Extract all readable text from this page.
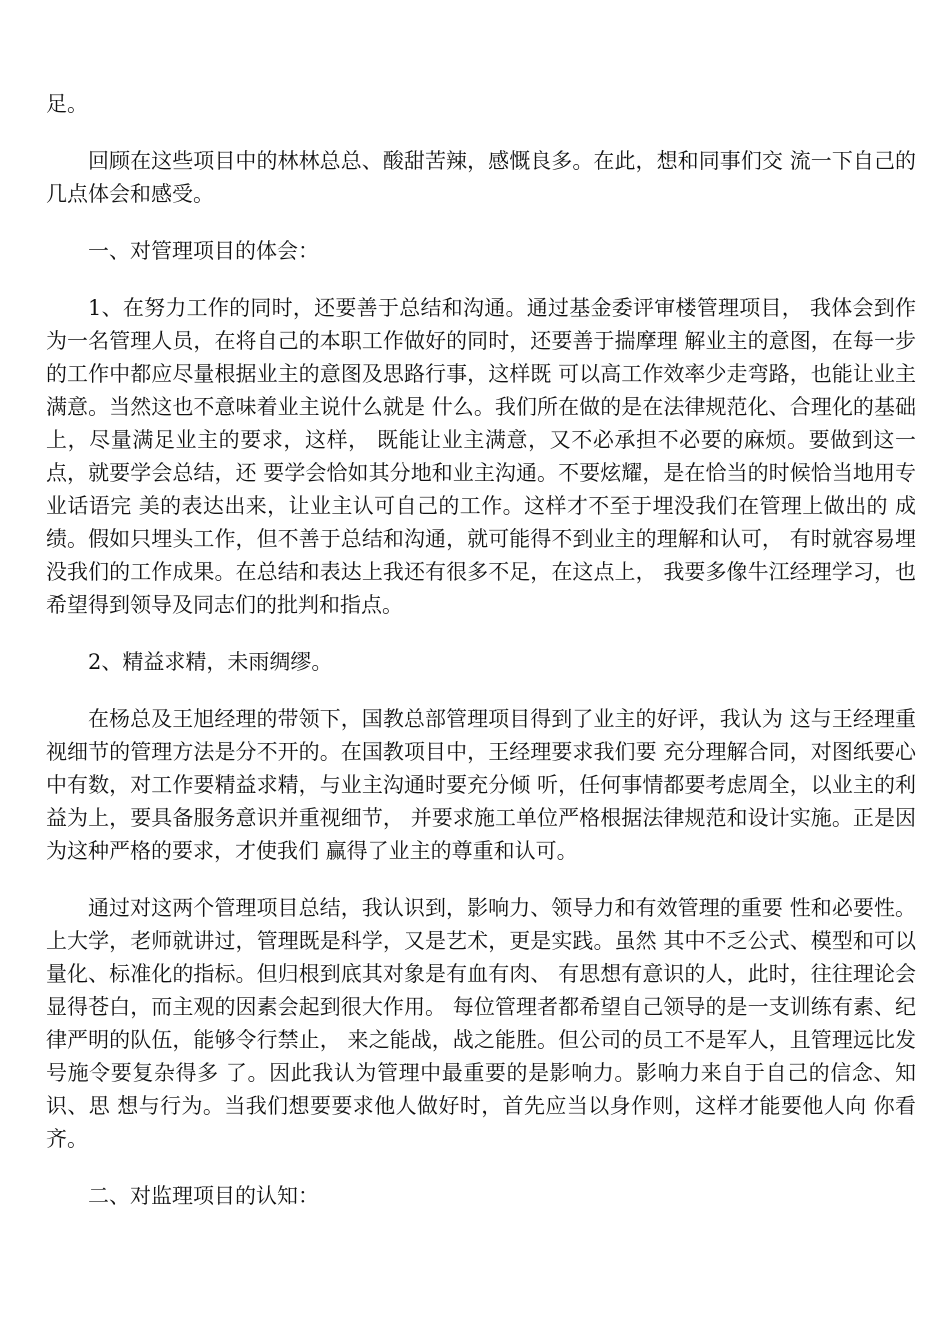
足。

回顾在这些项目中的林林总总、酸甜苦辣，感慨良多。在此，想和同事们交 流一下自己的几点体会和感受。

一、对管理项目的体会：

1、在努力工作的同时，还要善于总结和沟通。通过基金委评审楼管理项目， 我体会到作为一名管理人员，在将自己的本职工作做好的同时，还要善于揣摩理 解业主的意图，在每一步的工作中都应尽量根据业主的意图及思路行事，这样既 可以高工作效率少走弯路，也能让业主满意。当然这也不意味着业主说什么就是 什么。我们所在做的是在法律规范化、合理化的基础上，尽量满足业主的要求，这样， 既能让业主满意，又不必承担不必要的麻烦。要做到这一点，就要学会总结，还 要学会恰如其分地和业主沟通。不要炫耀，是在恰当的时候恰当地用专业话语完 美的表达出来，让业主认可自己的工作。这样才不至于埋没我们在管理上做出的 成绩。假如只埋头工作，但不善于总结和沟通，就可能得不到业主的理解和认可， 有时就容易埋没我们的工作成果。在总结和表达上我还有很多不足，在这点上， 我要多像牛江经理学习，也希望得到领导及同志们的批判和指点。

2、精益求精，未雨绸缪。

在杨总及王旭经理的带领下，国教总部管理项目得到了业主的好评，我认为 这与王经理重视细节的管理方法是分不开的。在国教项目中，王经理要求我们要 充分理解合同，对图纸要心中有数，对工作要精益求精，与业主沟通时要充分倾 听，任何事情都要考虑周全，以业主的利益为上，要具备服务意识并重视细节， 并要求施工单位严格根据法律规范和设计实施。正是因为这种严格的要求，才使我们 赢得了业主的尊重和认可。

通过对这两个管理项目总结，我认识到，影响力、领导力和有效管理的重要 性和必要性。上大学，老师就讲过，管理既是科学，又是艺术，更是实践。虽然 其中不乏公式、模型和可以量化、标准化的指标。但归根到底其对象是有血有肉、 有思想有意识的人，此时，往往理论会显得苍白，而主观的因素会起到很大作用。 每位管理者都希望自己领导的是一支训练有素、纪律严明的队伍，能够令行禁止， 来之能战，战之能胜。但公司的员工不是军人，且管理远比发号施令要复杂得多 了。因此我认为管理中最重要的是影响力。影响力来自于自己的信念、知识、思 想与行为。当我们想要要求他人做好时，首先应当以身作则，这样才能要他人向 你看齐。

二、对监理项目的认知：
